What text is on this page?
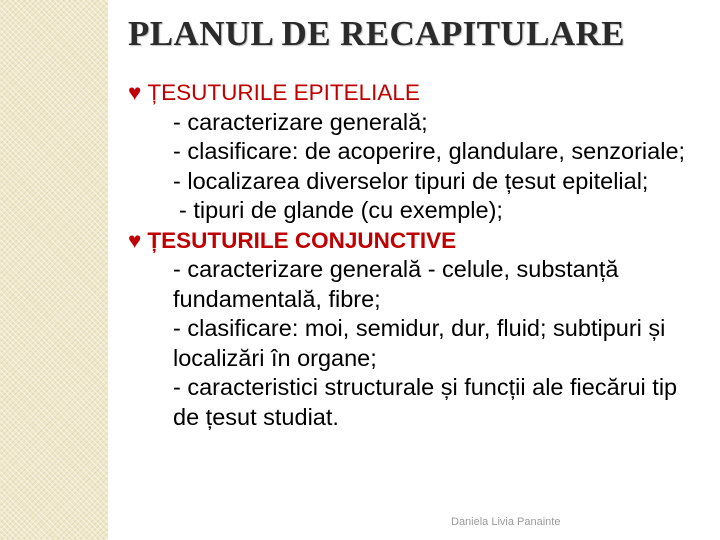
PLANUL DE RECAPITULARE

♥ ȚESUTURILE EPITELIALE

- caracterizare generală;

- clasificare: de acoperire, glandulare, senzoriale;

- localizarea diverselor tipuri de țesut epitelial;

- tipuri de glande (cu exemple);

♥ ȚESUTURILE CONJUNCTIVE

- caracterizare generală - celule, substanță fundamentală, fibre;

- clasificare: moi, semidur, dur, fluid; subtipuri și localizări în organe;

- caracteristici structurale și funcții ale fiecărui tip de țesut studiat.

Daniela Livia Panainte
